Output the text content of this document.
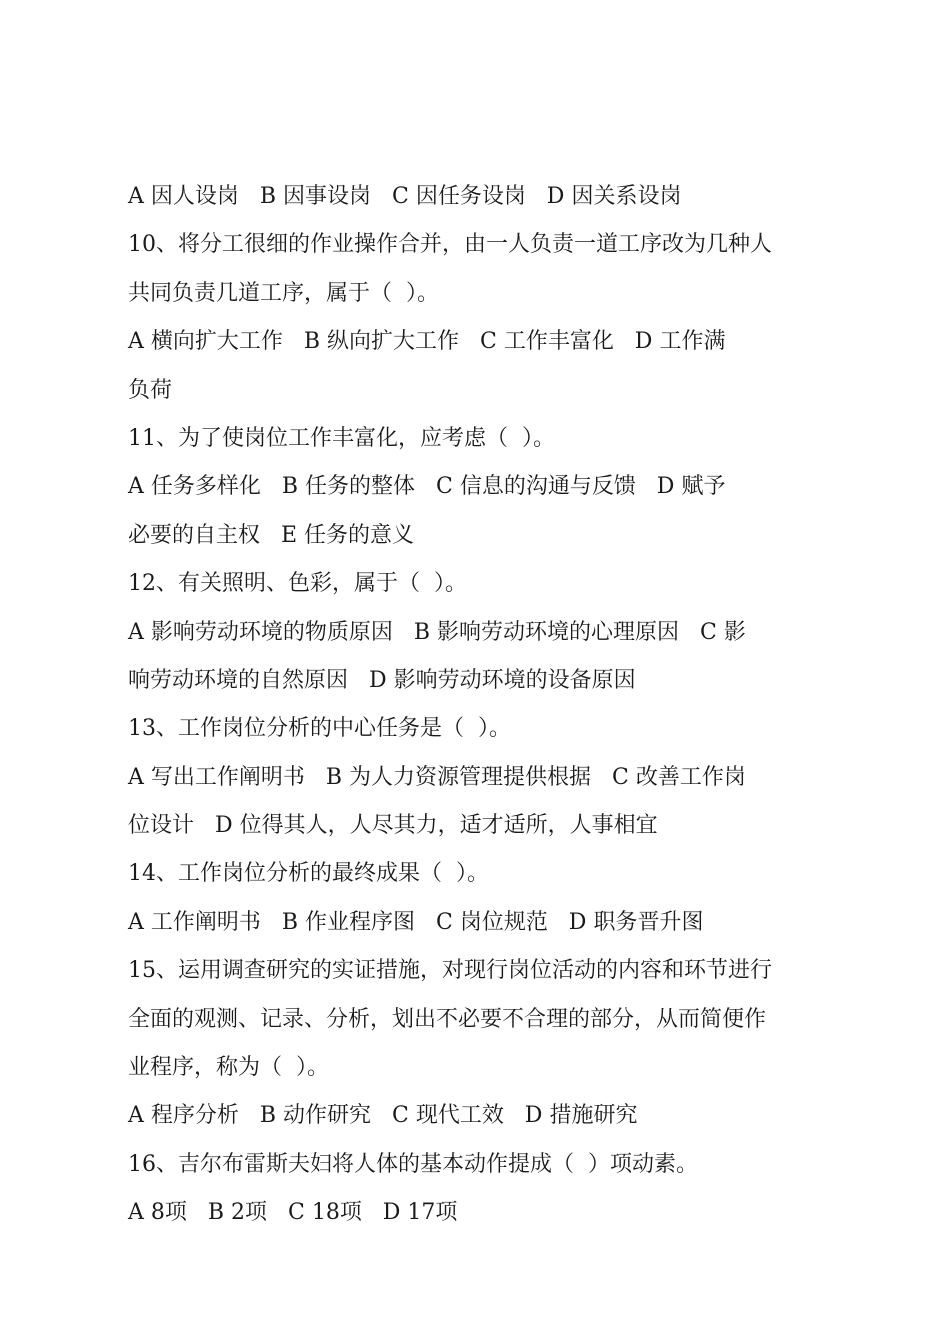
A 因人设岗   B 因事设岗   C 因任务设岗   D 因关系设岗
10、将分工很细的作业操作合并，由一人负责一道工序改为几种人
共同负责几道工序，属于（  ）。
A 横向扩大工作   B 纵向扩大工作   C 工作丰富化   D 工作满
负荷
11、为了使岗位工作丰富化，应考虑（  ）。
A 任务多样化   B 任务的整体   C 信息的沟通与反馈   D 赋予
必要的自主权   E 任务的意义
12、有关照明、色彩，属于（  ）。
A 影响劳动环境的物质原因   B 影响劳动环境的心理原因   C 影
响劳动环境的自然原因   D 影响劳动环境的设备原因
13、工作岗位分析的中心任务是（  ）。
A 写出工作阐明书   B 为人力资源管理提供根据   C 改善工作岗
位设计   D 位得其人，人尽其力，适才适所，人事相宜
14、工作岗位分析的最终成果（  ）。
A 工作阐明书   B 作业程序图   C 岗位规范   D 职务晋升图
15、运用调查研究的实证措施，对现行岗位活动的内容和环节进行
全面的观测、记录、分析，划出不必要不合理的部分，从而简便作
业程序，称为（  ）。
A 程序分析   B 动作研究   C 现代工效   D 措施研究
16、吉尔布雷斯夫妇将人体的基本动作提成（  ）项动素。
A 8项   B 2项   C 18项   D 17项
